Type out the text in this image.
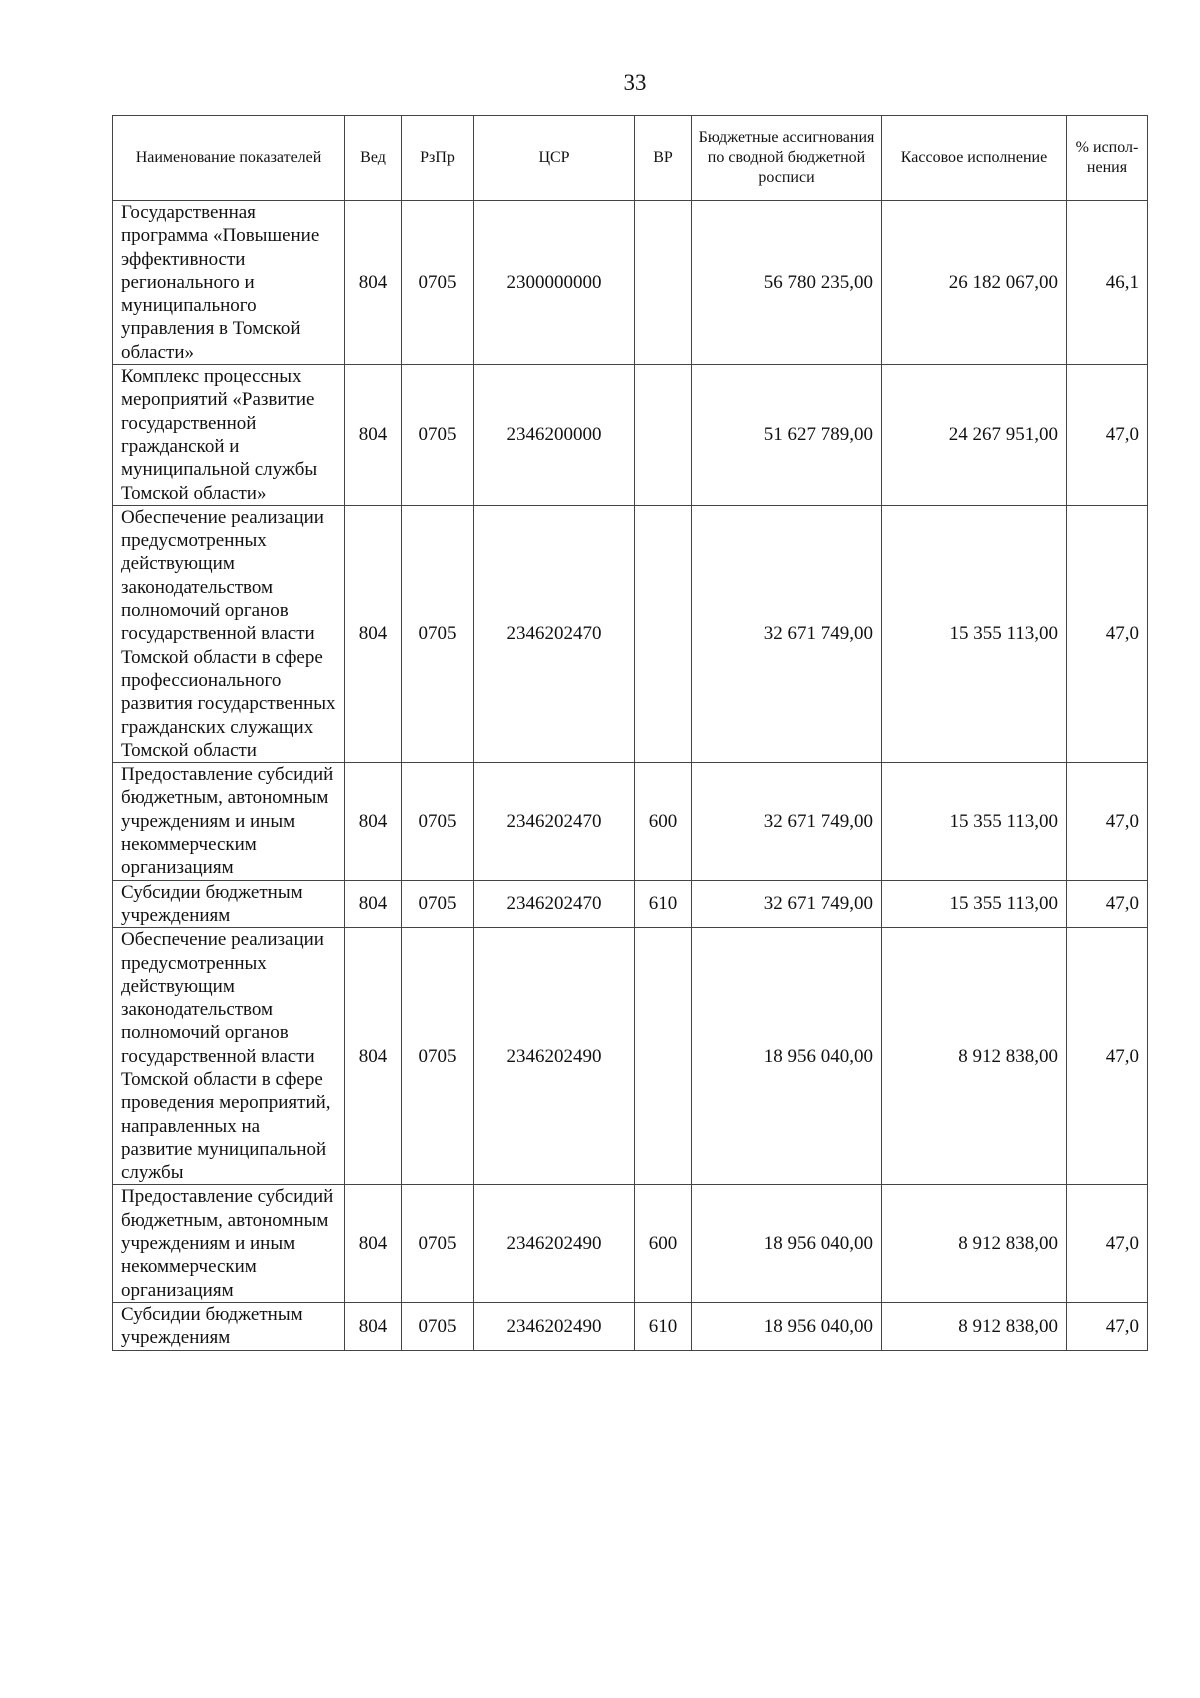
33
Наименование показателей	Вед	РзПр	ЦСР	ВР	Бюджетные ассигнования по сводной бюджетной росписи	Кассовое исполнение	% испол-нения
Государственная программа «Повышение эффективности регионального и муниципального управления в Томской области»	804	0705	2300000000		56 780 235,00	26 182 067,00	46,1
Комплекс процессных мероприятий «Развитие государственной гражданской и муниципальной службы Томской области»	804	0705	2346200000		51 627 789,00	24 267 951,00	47,0
Обеспечение реализации предусмотренных действующим законодательством полномочий органов государственной власти Томской области в сфере профессионального развития государственных гражданских служащих Томской области	804	0705	2346202470		32 671 749,00	15 355 113,00	47,0
Предоставление субсидий бюджетным, автономным учреждениям и иным некоммерческим организациям	804	0705	2346202470	600	32 671 749,00	15 355 113,00	47,0
Субсидии бюджетным учреждениям	804	0705	2346202470	610	32 671 749,00	15 355 113,00	47,0
Обеспечение реализации предусмотренных действующим законодательством полномочий органов государственной власти Томской области в сфере проведения мероприятий, направленных на развитие муниципальной службы	804	0705	2346202490		18 956 040,00	8 912 838,00	47,0
Предоставление субсидий бюджетным, автономным учреждениям и иным некоммерческим организациям	804	0705	2346202490	600	18 956 040,00	8 912 838,00	47,0
Субсидии бюджетным учреждениям	804	0705	2346202490	610	18 956 040,00	8 912 838,00	47,0
